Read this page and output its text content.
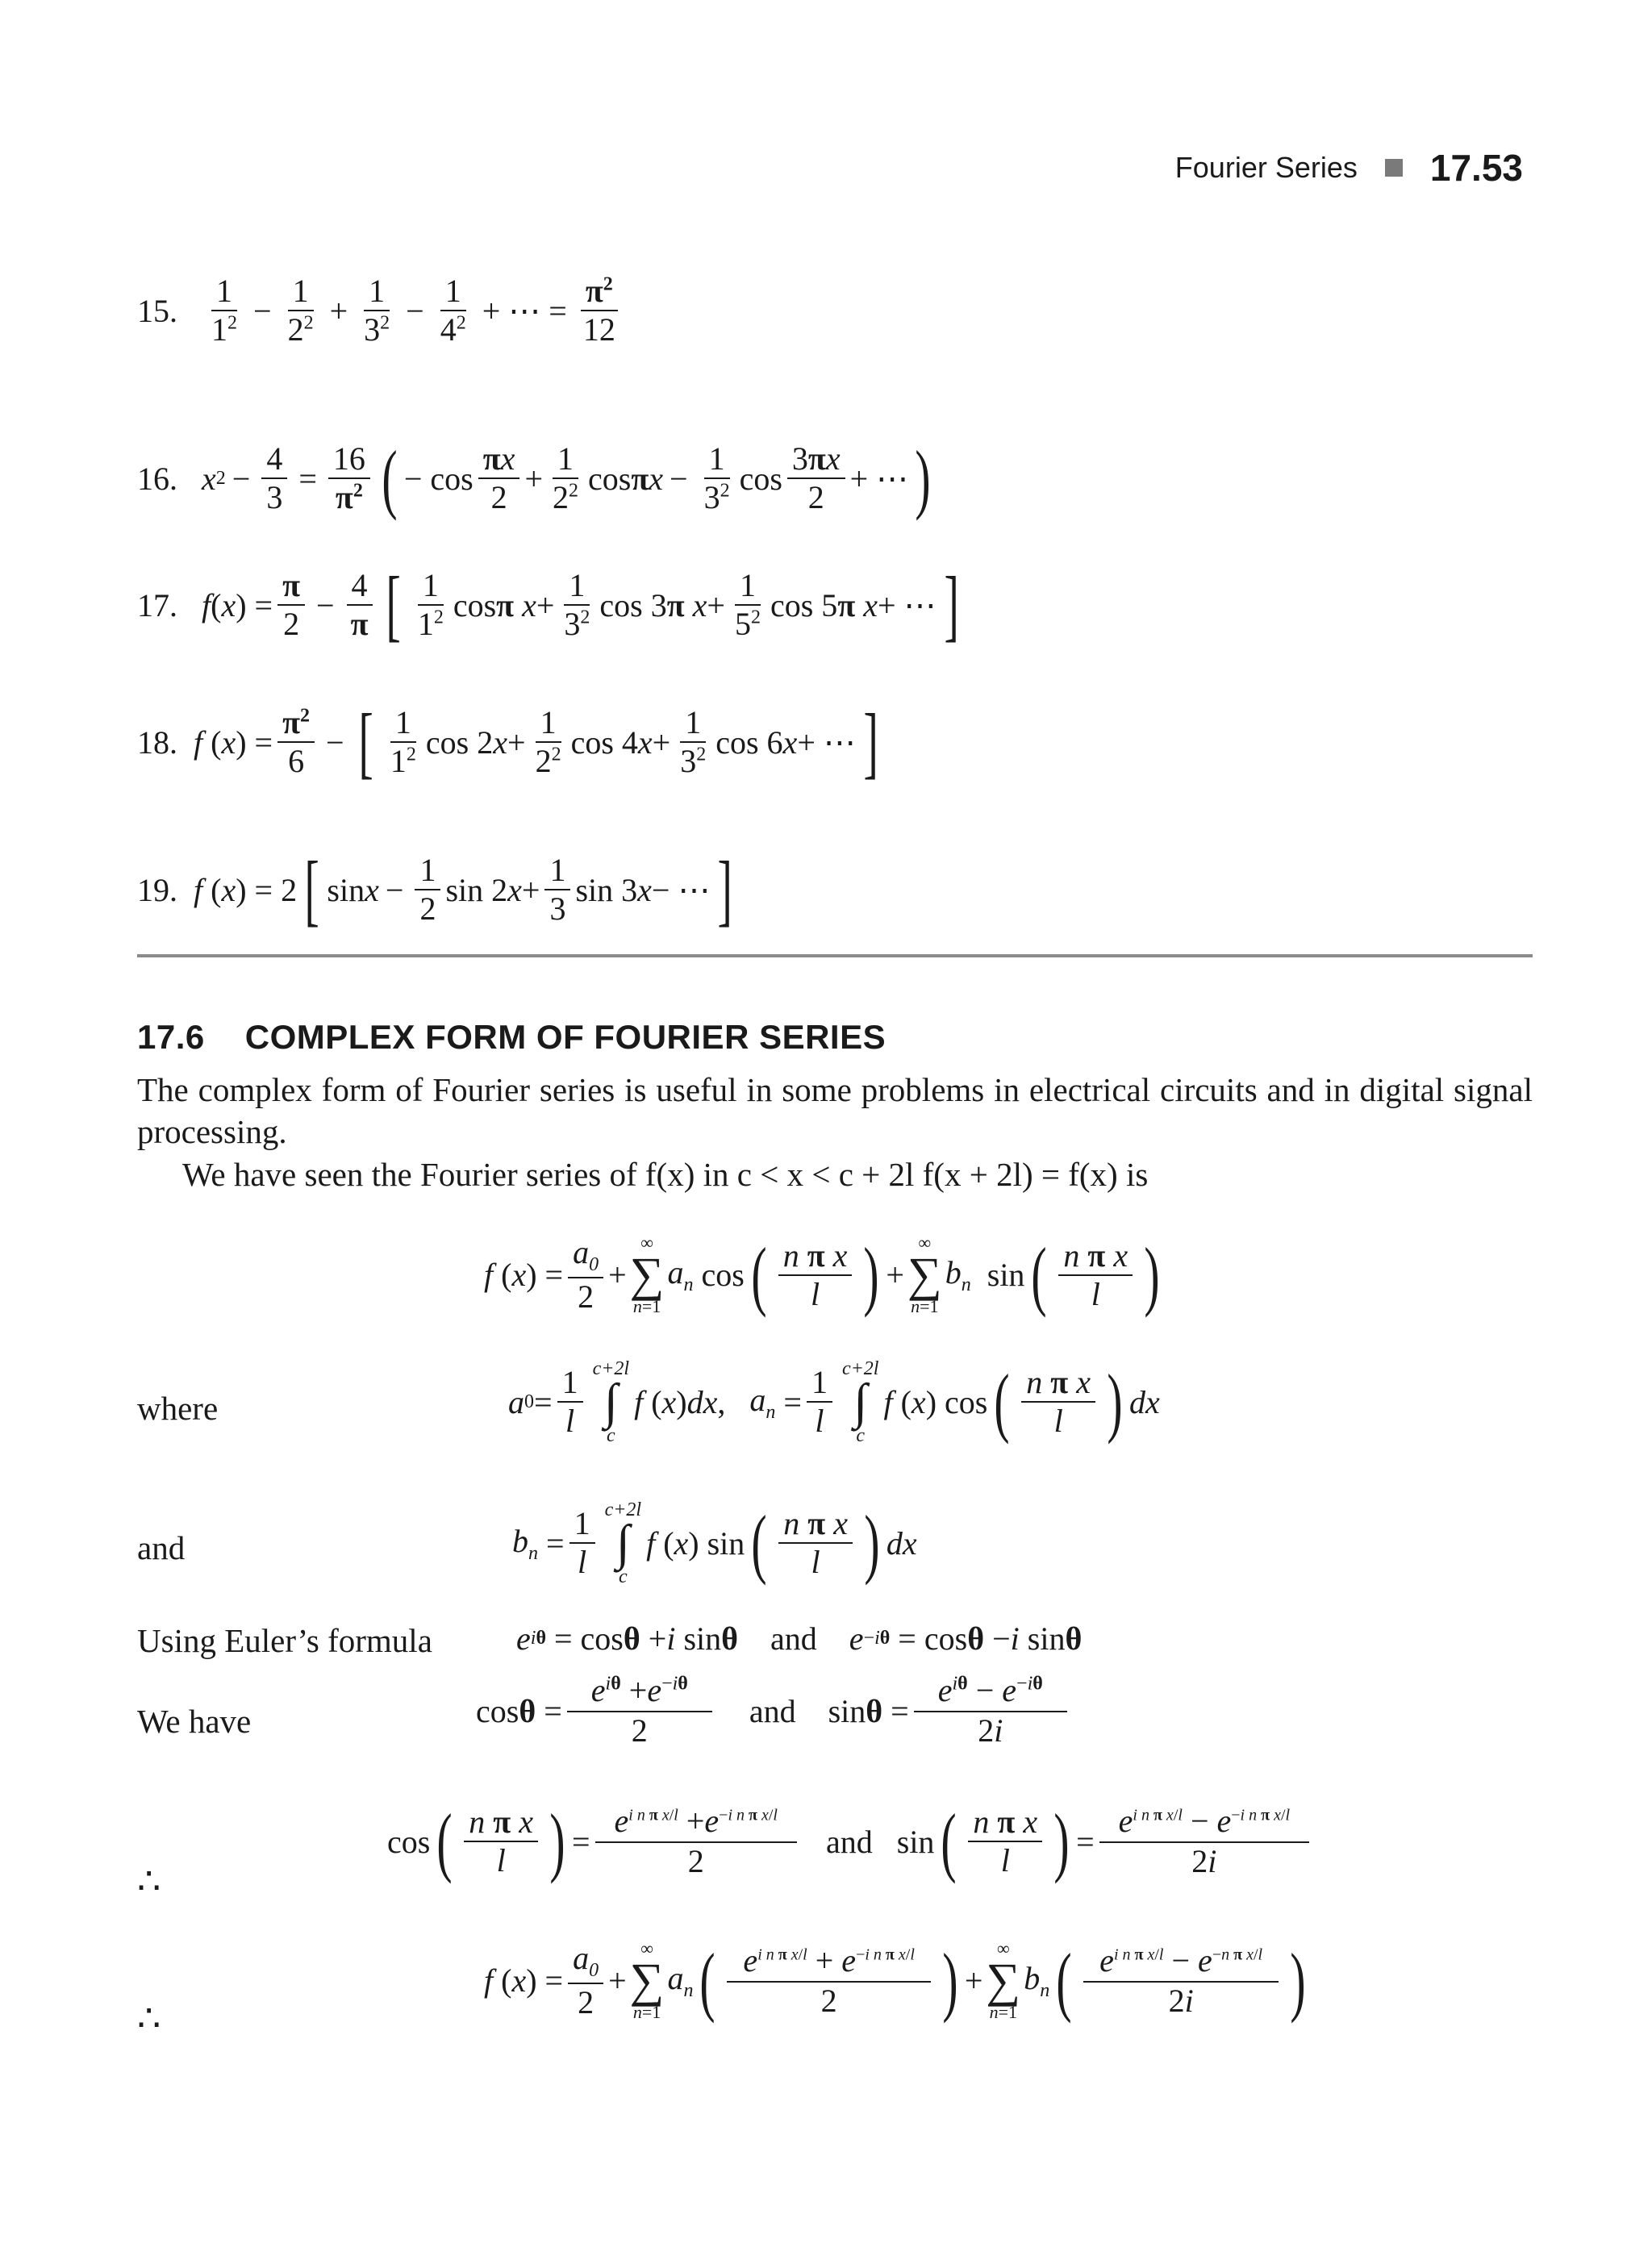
Fourier Series 17.53
15. $\frac{1}{1^2} - \frac{1}{2^2} + \frac{1}{3^2} - \frac{1}{4^2}$ + ⋯ = $\frac{\pi^2}{12}$
16. x $2 - \frac{4}{3} = \frac{16}{\pi^2}$ ( − $\cos \frac{\pi x}{2} + \frac{1}{2^2}$ cos π $x - \frac{1}{3^2}$ $\cos \frac{3\pi x}{2}$ + ⋯ )
17. f ( x ) = $\frac{\pi}{2} - \frac{4}{\pi}$ [ $\frac{1}{1^2}$ cos π
$x + \frac{1}{3^2}$ cos 3 π
$x + \frac{1}{5^2}$ cos 5 π
x + ⋯ ]
18. f ( x ) = $\frac{\pi^2}{6}$ − [ $\frac{1}{1^2}$ cos 2 $x + \frac{1}{2^2}$ cos 4 $x + \frac{1}{3^2}$ cos 6 x + ⋯ ]
19. f ( x ) = 2 [ $\sin x - \frac{1}{2}$ sin 2 $x + \frac{1}{3}$ sin 3 x − ⋯ ]
17.6 COMPLEX FORM OF FOURIER SERIES
The complex form of Fourier series is useful in some problems in electrical circuits and in digital signal processing.
We have seen the Fourier series of f(x) in c < x < c + 2l f(x + 2l) = f(x) is
f ( x ) = $\frac{a_0}{2}$ +
∞
∑
n=1
$a_n$ cos ( $\frac{\text{n π x}}{l}$ ) +
∞
∑
n=1
$b_n$ sin ( $\frac{\text{n π x}}{l}$ )
where	a $0 = \frac{1}{l} c+2l$
∫
c
f ( x ) dx , $a_n = \frac{1}{l} c+2l$
∫
c
f ( x ) cos ( $\frac{\text{n π x}}{l}$ ) dx
and	$b_n = \frac{1}{l} c+2l$
∫
c
f ( x ) sin ( $\frac{\text{n π x}}{l}$ ) dx
Using Euler’s formula	e iθ = cos θ + i sin θ and e −iθ = cos θ − i sin θ
We have	$\cos \theta = \frac{e^{i\theta} +e^{-i\theta}}{2}$ and $\sin \theta = \frac{e^{i\theta} - e^{-i\theta}}{2i}$
∴
cos ( $\frac{\text{n π x}}{l}$ ) = $\frac{e^{i n \pi x/l} +e^{-i n \pi x/l}}{2}$ and sin ( $\frac{\text{n π x}}{l}$ ) = $\frac{e^{i n \pi x/l} - e^{-i n \pi x/l}}{2i}$
∴
f ( x ) = $\frac{a_0}{2}$ +
∞
∑
n=1
$a_n$ ( $\frac{e^{i n \pi x/l} + e^{-i n \pi x/l}}{2}$ ) +
∞
∑
n=1
$b_n$ ( $\frac{e^{i n \pi x/l} - e^{-n \pi x/l}}{2i}$ )
